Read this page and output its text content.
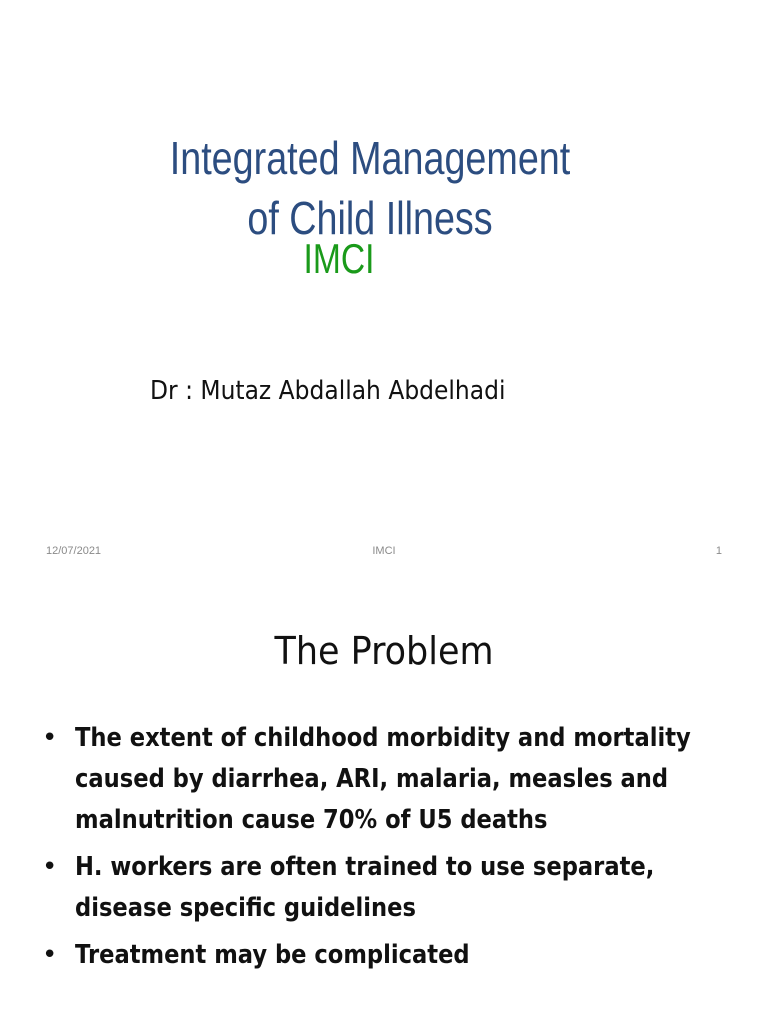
Integrated Management
of Child Illness
IMCI
Dr : Mutaz Abdallah Abdelhadi
12/07/2021	IMCI	1
The Problem
• The extent of childhood morbidity and mortality caused by diarrhea, ARI, malaria, measles and malnutrition cause 70% of U5 deaths
• H. workers are often trained to use separate, disease specific guidelines
• Treatment may be complicated
